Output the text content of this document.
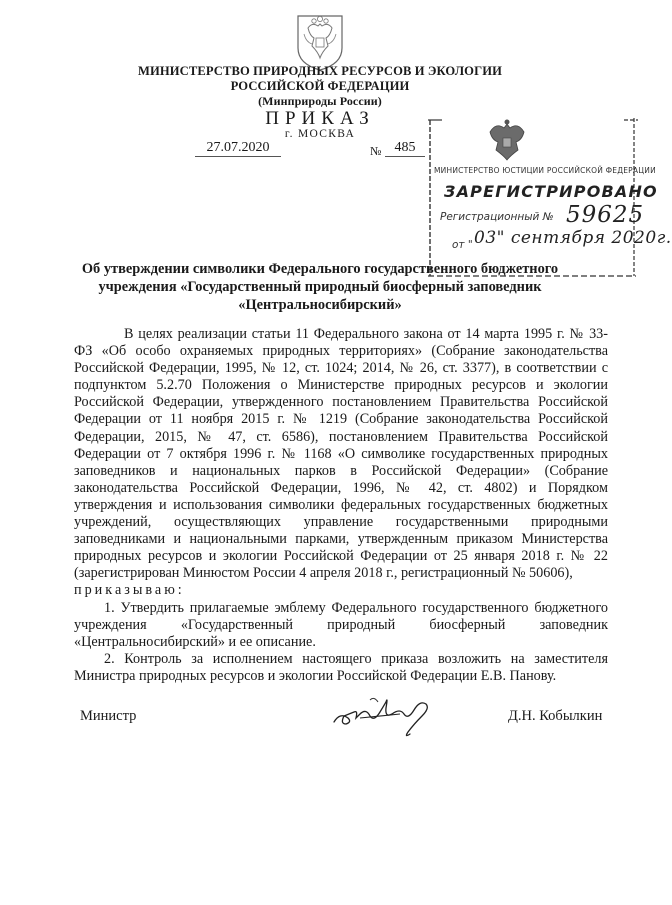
МИНИСТЕРСТВО ПРИРОДНЫХ РЕСУРСОВ И ЭКОЛОГИИ
РОССИЙСКОЙ ФЕДЕРАЦИИ
(Минприроды России)
ПРИКАЗ
г. МОСКВА
27.07.2020	№ 485
МИНИСТЕРСТВО ЮСТИЦИИ РОССИЙСКОЙ ФЕДЕРАЦИИ
ЗАРЕГИСТРИРОВАНО
Регистрационный № 59625
от " 03" сентября 2020г.
Об утверждении символики Федерального государственного бюджетного
учреждения «Государственный природный биосферный заповедник
«Центральносибирский»

В целях реализации статьи 11 Федерального закона от 14 марта 1995 г. № 33-ФЗ «Об особо охраняемых природных территориях» (Собрание законодательства Российской Федерации, 1995, № 12, ст. 1024; 2014, № 26, ст. 3377), в соответствии с подпунктом 5.2.70 Положения о Министерстве природных ресурсов и экологии Российской Федерации, утвержденного постановлением Правительства Российской Федерации от 11 ноября 2015 г. № 1219 (Собрание законодательства Российской Федерации, 2015, № 47, ст. 6586), постановлением Правительства Российской Федерации от 7 октября 1996 г. № 1168 «О символике государственных природных заповедников и национальных парков в Российской Федерации» (Собрание законодательства Российской Федерации, 1996, № 42, ст. 4802) и Порядком утверждения и использования символики федеральных государственных бюджетных учреждений, осуществляющих управление государственными природными заповедниками и национальными парками, утвержденным приказом Министерства природных ресурсов и экологии Российской Федерации от 25 января 2018 г. № 22 (зарегистрирован Минюстом России 4 апреля 2018 г., регистрационный № 50606),

приказываю:

1. Утвердить прилагаемые эмблему Федерального государственного бюджетного учреждения «Государственный природный биосферный заповедник «Центральносибирский» и ее описание.

2. Контроль за исполнением настоящего приказа возложить на заместителя Министра природных ресурсов и экологии Российской Федерации Е.В. Панову.

Министр	Д.Н. Кобылкин
